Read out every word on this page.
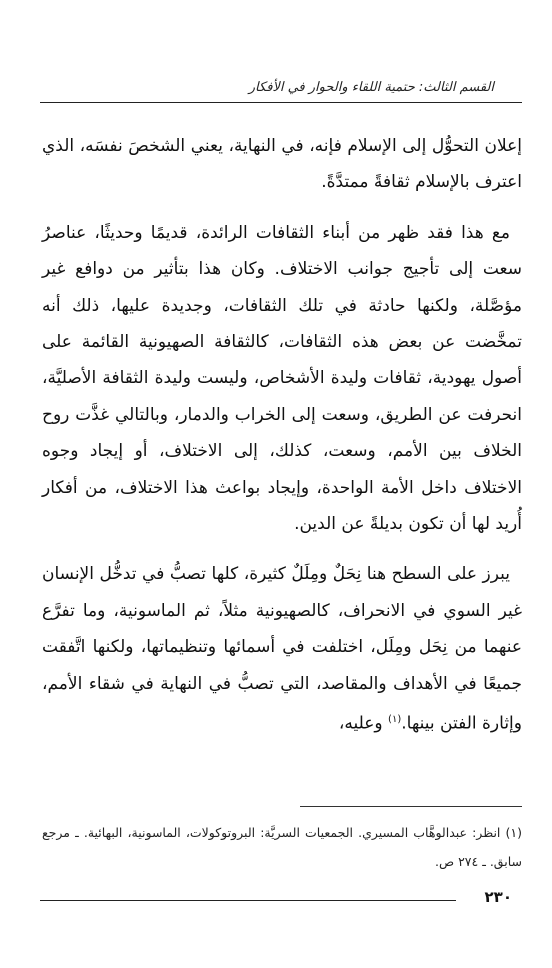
القسم الثالث: حتمية اللقاء والحوار في الأفكار

إعلان التحوُّل إلى الإسلام فإنه، في النهاية، يعني الشخصَ نفسَه، الذي اعترف بالإسلام ثقافةً ممتدَّةً.

مع هذا فقد ظهر من أبناء الثقافات الرائدة، قديمًا وحديثًا، عناصرُ سعت إلى تأجيج جوانب الاختلاف. وكان هذا بتأثير من دوافع غير مؤصَّلة، ولكنها حادثة في تلك الثقافات، وجديدة عليها، ذلك أنه تمخَّضت عن بعض هذه الثقافات، كالثقافة الصهيونية القائمة على أصول يهودية، ثقافات وليدة الأشخاص، وليست وليدة الثقافة الأصليَّة، انحرفت عن الطريق، وسعت إلى الخراب والدمار، وبالتالي غذَّت روح الخلاف بين الأمم، وسعت، كذلك، إلى الاختلاف، أو إيجاد وجوه الاختلاف داخل الأمة الواحدة، وإيجاد بواعث هذا الاختلاف، من أفكار أُريد لها أن تكون بديلةً عن الدين.

يبرز على السطح هنا نِحَلٌ ومِلَلٌ كثيرة، كلها تصبُّ في تدخُّل الإنسان غير السوي في الانحراف، كالصهيونية مثلاً، ثم الماسونية، وما تفرَّع عنهما من نِحَل ومِلَل، اختلفت في أسمائها وتنظيماتها، ولكنها اتَّفقت جميعًا في الأهداف والمقاصد، التي تصبُّ في النهاية في شقاء الأمم، وإثارة الفتن بينها.$^{(١)}$ وعليه،

(١) انظر: عبدالوهَّاب المسيري. الجمعيات السريَّة: البروتوكولات، الماسونية، البهائية. ـ مرجع سابق. ـ ٢٧٤ ص.
٢٣٠
